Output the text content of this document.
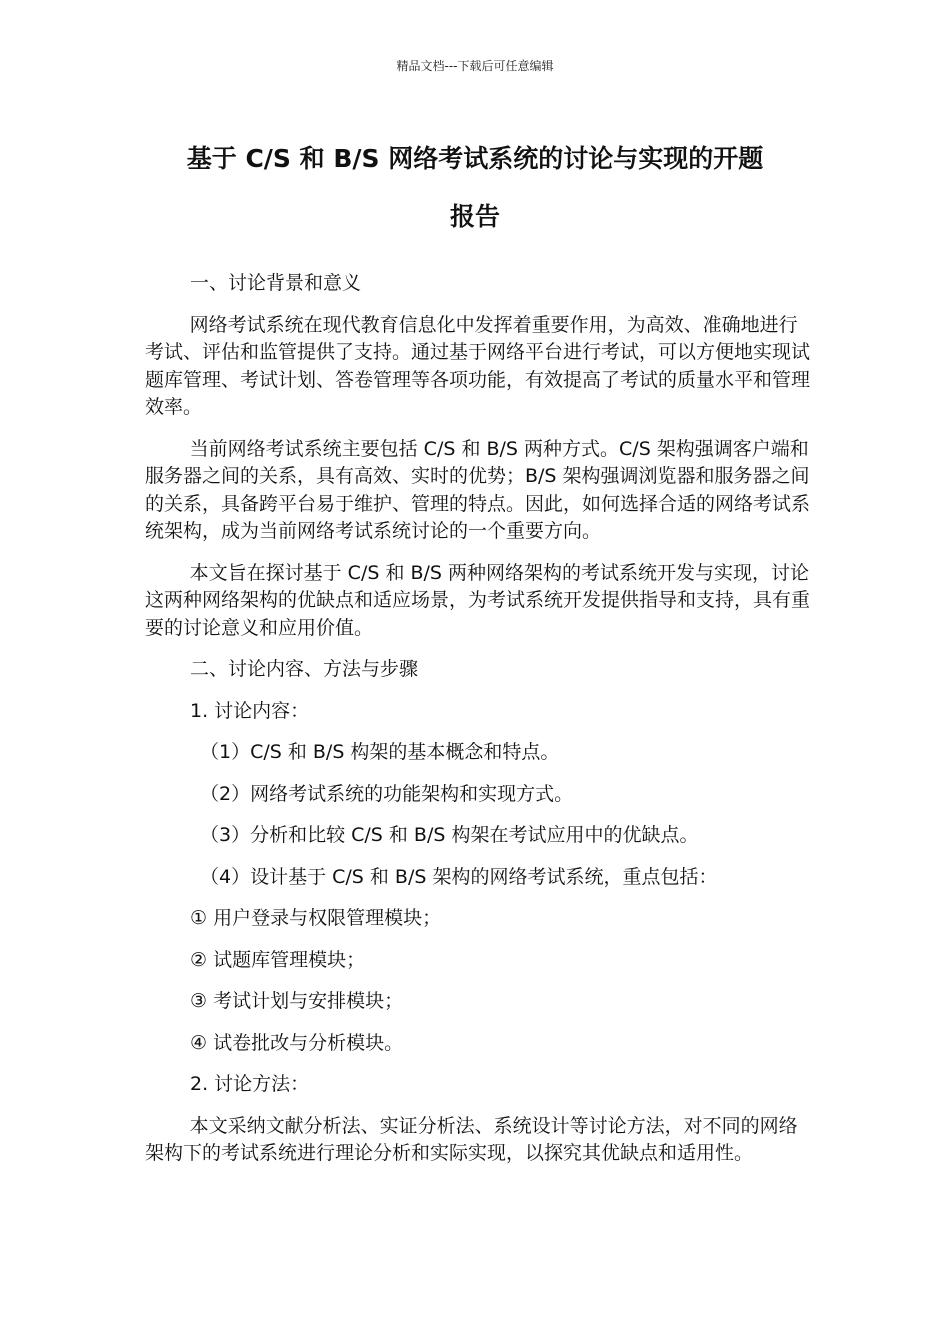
精品文档---下载后可任意编辑
基于 C/S 和 B/S 网络考试系统的讨论与实现的开题
报告

一、讨论背景和意义

网络考试系统在现代教育信息化中发挥着重要作用，为高效、准确地进行考试、评估和监管提供了支持。通过基于网络平台进行考试，可以方便地实现试题库管理、考试计划、答卷管理等各项功能，有效提高了考试的质量水平和管理效率。

当前网络考试系统主要包括 C/S 和 B/S 两种方式。C/S 架构强调客户端和服务器之间的关系，具有高效、实时的优势；B/S 架构强调浏览器和服务器之间的关系，具备跨平台易于维护、管理的特点。因此，如何选择合适的网络考试系统架构，成为当前网络考试系统讨论的一个重要方向。

本文旨在探讨基于 C/S 和 B/S 两种网络架构的考试系统开发与实现，讨论这两种网络架构的优缺点和适应场景，为考试系统开发提供指导和支持，具有重要的讨论意义和应用价值。

二、讨论内容、方法与步骤

1. 讨论内容：

（1）C/S 和 B/S 构架的基本概念和特点。

（2）网络考试系统的功能架构和实现方式。

（3）分析和比较 C/S 和 B/S 构架在考试应用中的优缺点。

（4）设计基于 C/S 和 B/S 架构的网络考试系统，重点包括：

① 用户登录与权限管理模块；

② 试题库管理模块；

③ 考试计划与安排模块；

④ 试卷批改与分析模块。

2. 讨论方法：

本文采纳文献分析法、实证分析法、系统设计等讨论方法，对不同的网络架构下的考试系统进行理论分析和实际实现，以探究其优缺点和适用性。
